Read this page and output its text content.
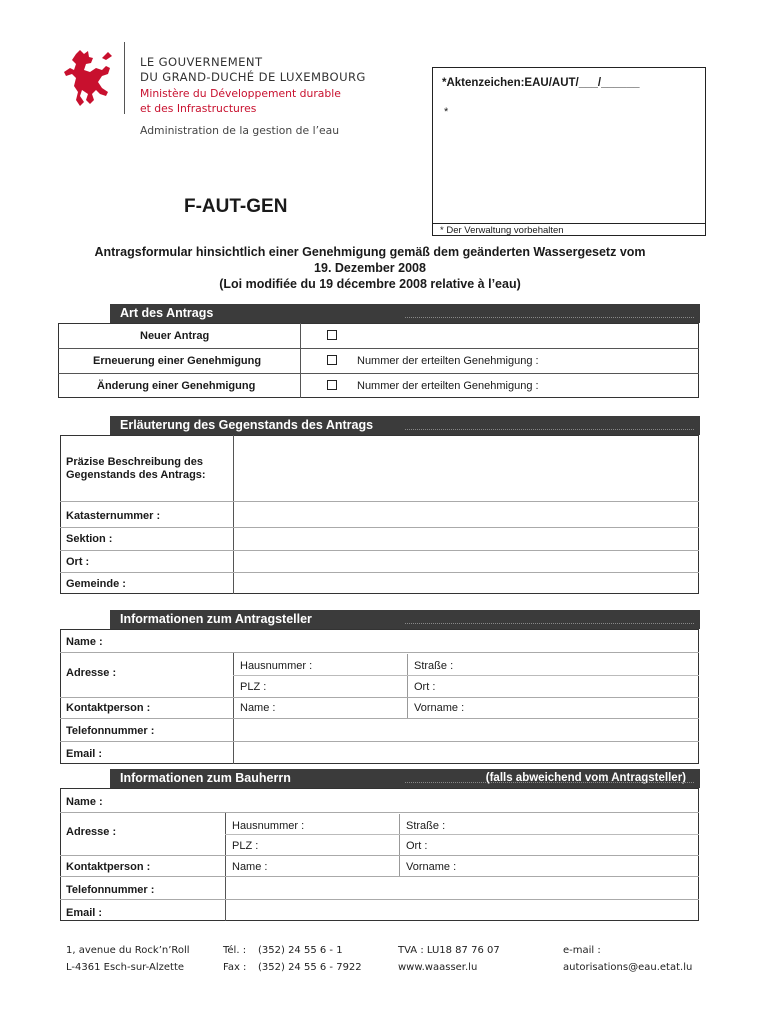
LE GOUVERNEMENT
DU GRAND-DUCHÉ DE LUXEMBOURG
Ministère du Développement durable
et des Infrastructures
Administration de la gestion de l’eau
*Aktenzeichen:EAU/AUT/___/______
*
* Der Verwaltung vorbehalten
F-AUT-GEN
Antragsformular hinsichtlich einer Genehmigung gemäß dem geänderten Wassergesetz vom
19. Dezember 2008
(Loi modifiée du 19 décembre 2008 relative à l’eau)
Art des Antrags
Neuer Antrag
Erneuerung einer Genehmigung	Nummer der erteilten Genehmigung :
Änderung einer Genehmigung	Nummer der erteilten Genehmigung :
Erläuterung des Gegenstands des Antrags
Präzise Beschreibung des
Gegenstands des Antrags:
Katasternummer :
Sektion :
Ort :
Gemeinde :
Informationen zum Antragsteller
Name :
Adresse :
Hausnummer :	Straße :
PLZ :	Ort :
Kontaktperson :	Name :	Vorname :
Telefonnummer :
Email :
Informationen zum Bauherrn	(falls abweichend vom Antragsteller)
Name :
Adresse :	Hausnummer :	Straße :
PLZ :	Ort :
Kontaktperson :	Name :	Vorname :
Telefonnummer :
Email :
1, avenue du Rock’n’Roll
L-4361 Esch-sur-Alzette
Tél. :
Fax :
(352) 24 55 6 - 1
(352) 24 55 6 - 7922
TVA : LU18 87 76 07
www.waasser.lu
e-mail :
autorisations@eau.etat.lu
